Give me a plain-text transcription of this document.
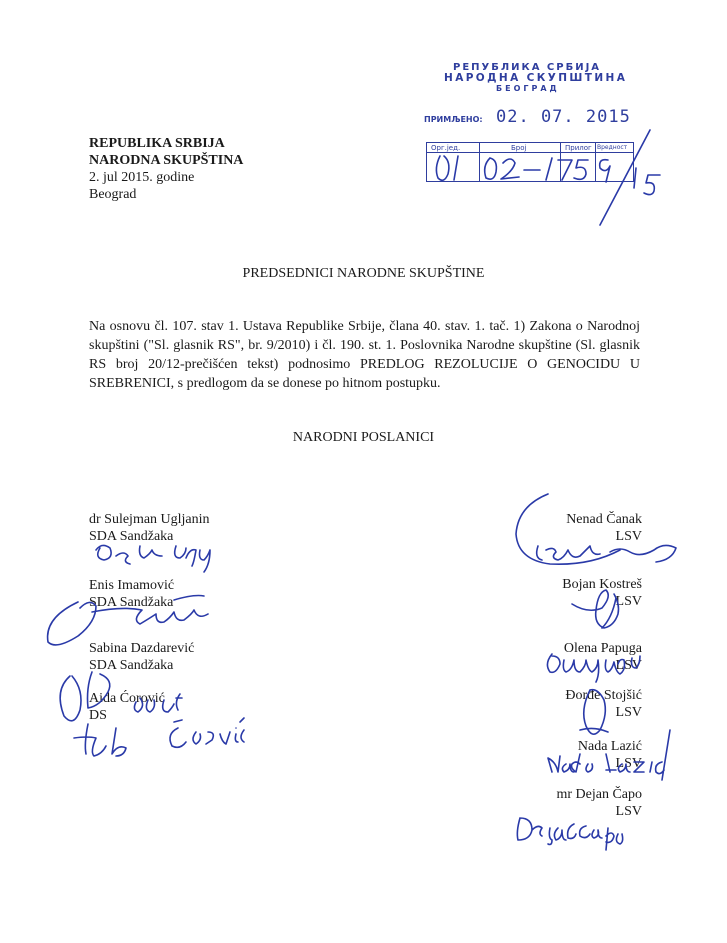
РЕПУБЛИКА СРБИЈА
НАРОДНА СКУПШТИНА
БЕОГРАД
ПРИМЉЕНО: 02. 07. 2015
Орг.јед.	Број	Прилог Вредност
REPUBLIKA SRBIJA
NARODNA SKUPŠTINA
2. jul 2015. godine
Beograd
PREDSEDNICI NARODNE SKUPŠTINE
Na osnovu čl. 107. stav 1. Ustava Republike Srbije, člana 40. stav. 1. tač. 1) Zakona o Narodnoj skupštini ("Sl. glasnik RS", br. 9/2010) i čl. 190. st. 1. Poslovnika Narodne skupštine (Sl. glasnik RS broj 20/12-prečišćen tekst) podnosimo PREDLOG REZOLUCIJE O GENOCIDU U SREBRENICI, s predlogom da se donese po hitnom postupku.
NARODNI POSLANICI
dr Sulejman Ugljanin
SDA Sandžaka
Enis Imamović
SDA Sandžaka
Sabina Dazdarević
SDA Sandžaka
Aida Ćorović
DS
Nenad Čanak
LSV
Bojan Kostreš
LSV
Olena Papuga
LSV
Đorđe Stojšić
LSV
Nada Lazić
LSV
mr Dejan Čapo
LSV
